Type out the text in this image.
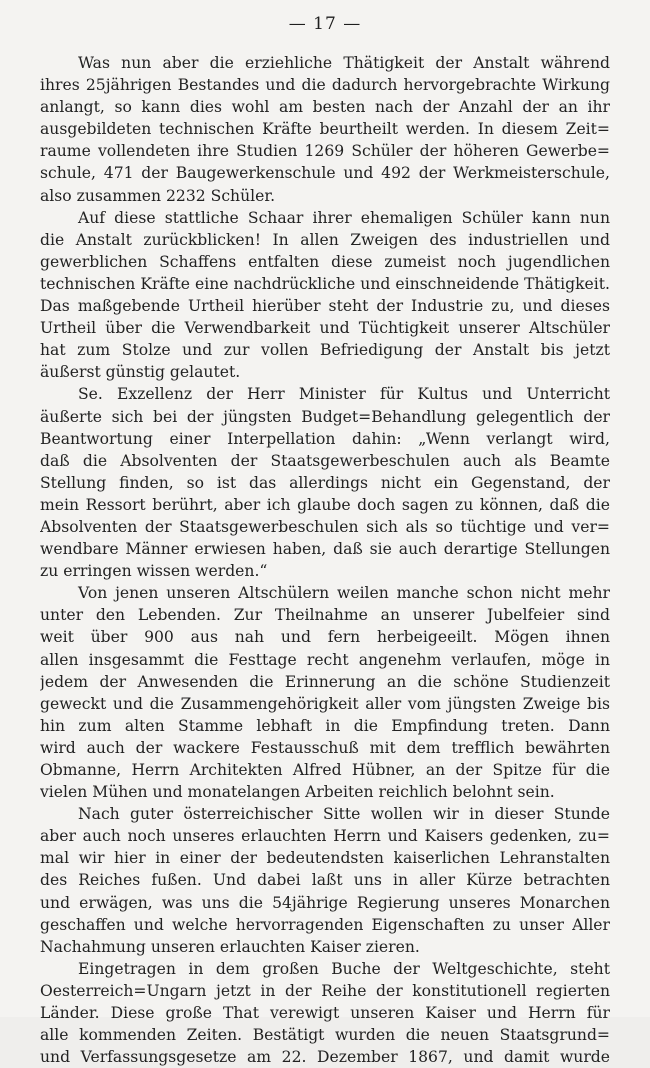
— 17 —
Was nun aber die erziehliche Thätigkeit der Anstalt während
ihres 25jährigen Bestandes und die dadurch hervorgebrachte Wirkung
anlangt, so kann dies wohl am besten nach der Anzahl der an ihr
ausgebildeten technischen Kräfte beurtheilt werden. In diesem Zeit=
raume vollendeten ihre Studien 1269 Schüler der höheren Gewerbe=
schule, 471 der Baugewerkenschule und 492 der Werkmeisterschule,
also zusammen 2232 Schüler.
Auf diese stattliche Schaar ihrer ehemaligen Schüler kann nun
die Anstalt zurückblicken! In allen Zweigen des industriellen und
gewerblichen Schaffens entfalten diese zumeist noch jugendlichen
technischen Kräfte eine nachdrückliche und einschneidende Thätigkeit.
Das maßgebende Urtheil hierüber steht der Industrie zu, und dieses
Urtheil über die Verwendbarkeit und Tüchtigkeit unserer Altschüler
hat zum Stolze und zur vollen Befriedigung der Anstalt bis jetzt
äußerst günstig gelautet.
Se. Exzellenz der Herr Minister für Kultus und Unterricht
äußerte sich bei der jüngsten Budget=Behandlung gelegentlich der
Beantwortung einer Interpellation dahin: „Wenn verlangt wird,
daß die Absolventen der Staatsgewerbeschulen auch als Beamte
Stellung finden, so ist das allerdings nicht ein Gegenstand, der
mein Ressort berührt, aber ich glaube doch sagen zu können, daß die
Absolventen der Staatsgewerbeschulen sich als so tüchtige und ver=
wendbare Männer erwiesen haben, daß sie auch derartige Stellungen
zu erringen wissen werden.“
Von jenen unseren Altschülern weilen manche schon nicht mehr
unter den Lebenden. Zur Theilnahme an unserer Jubelfeier sind
weit über 900 aus nah und fern herbeigeeilt. Mögen ihnen
allen insgesammt die Festtage recht angenehm verlaufen, möge in
jedem der Anwesenden die Erinnerung an die schöne Studienzeit
geweckt und die Zusammengehörigkeit aller vom jüngsten Zweige bis
hin zum alten Stamme lebhaft in die Empfindung treten. Dann
wird auch der wackere Festausschuß mit dem trefflich bewährten
Obmanne, Herrn Architekten Alfred Hübner, an der Spitze für die
vielen Mühen und monatelangen Arbeiten reichlich belohnt sein.
Nach guter österreichischer Sitte wollen wir in dieser Stunde
aber auch noch unseres erlauchten Herrn und Kaisers gedenken, zu=
mal wir hier in einer der bedeutendsten kaiserlichen Lehranstalten
des Reiches fußen. Und dabei laßt uns in aller Kürze betrachten
und erwägen, was uns die 54jährige Regierung unseres Monarchen
geschaffen und welche hervorragenden Eigenschaften zu unser Aller
Nachahmung unseren erlauchten Kaiser zieren.
Eingetragen in dem großen Buche der Weltgeschichte, steht
Oesterreich=Ungarn jetzt in der Reihe der konstitutionell regierten
Länder. Diese große That verewigt unseren Kaiser und Herrn für
alle kommenden Zeiten. Bestätigt wurden die neuen Staatsgrund=
und Verfassungsgesetze am 22. Dezember 1867, und damit wurde
